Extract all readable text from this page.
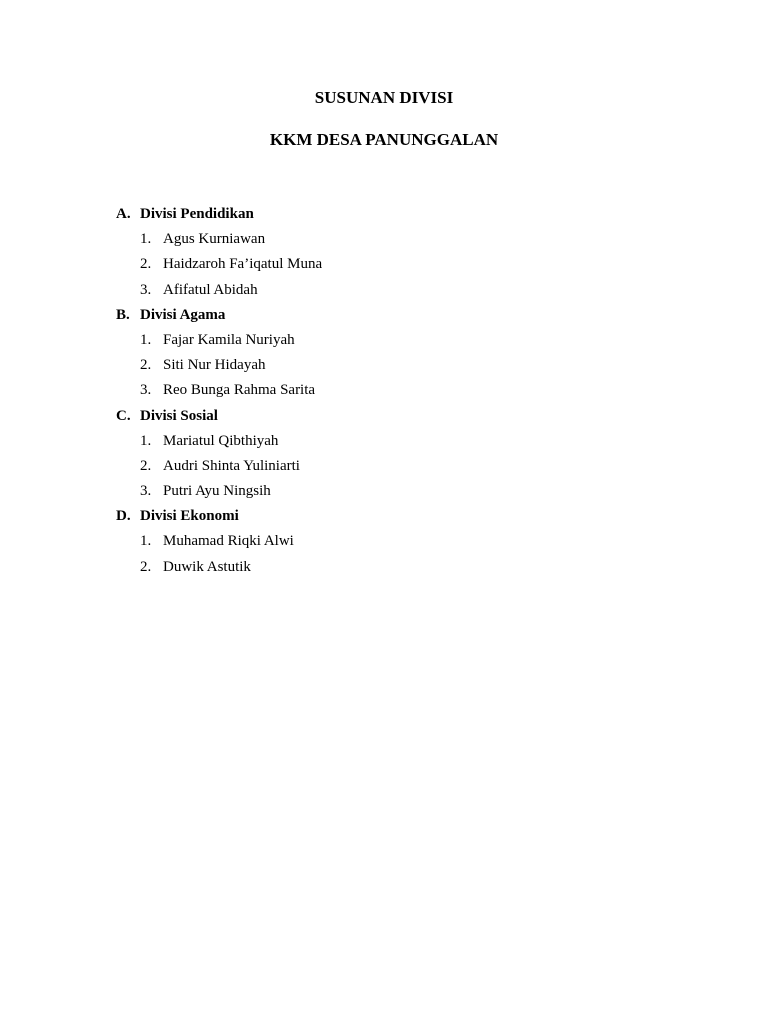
SUSUNAN DIVISI
KKM DESA PANUNGGALAN
A. Divisi Pendidikan
1. Agus Kurniawan
2. Haidzaroh Fa’iqatul Muna
3. Afifatul Abidah
B. Divisi Agama
1. Fajar Kamila Nuriyah
2. Siti Nur Hidayah
3. Reo Bunga Rahma Sarita
C. Divisi Sosial
1. Mariatul Qibthiyah
2. Audri Shinta Yuliniarti
3. Putri Ayu Ningsih
D. Divisi Ekonomi
1. Muhamad Riqki Alwi
2. Duwik Astutik
